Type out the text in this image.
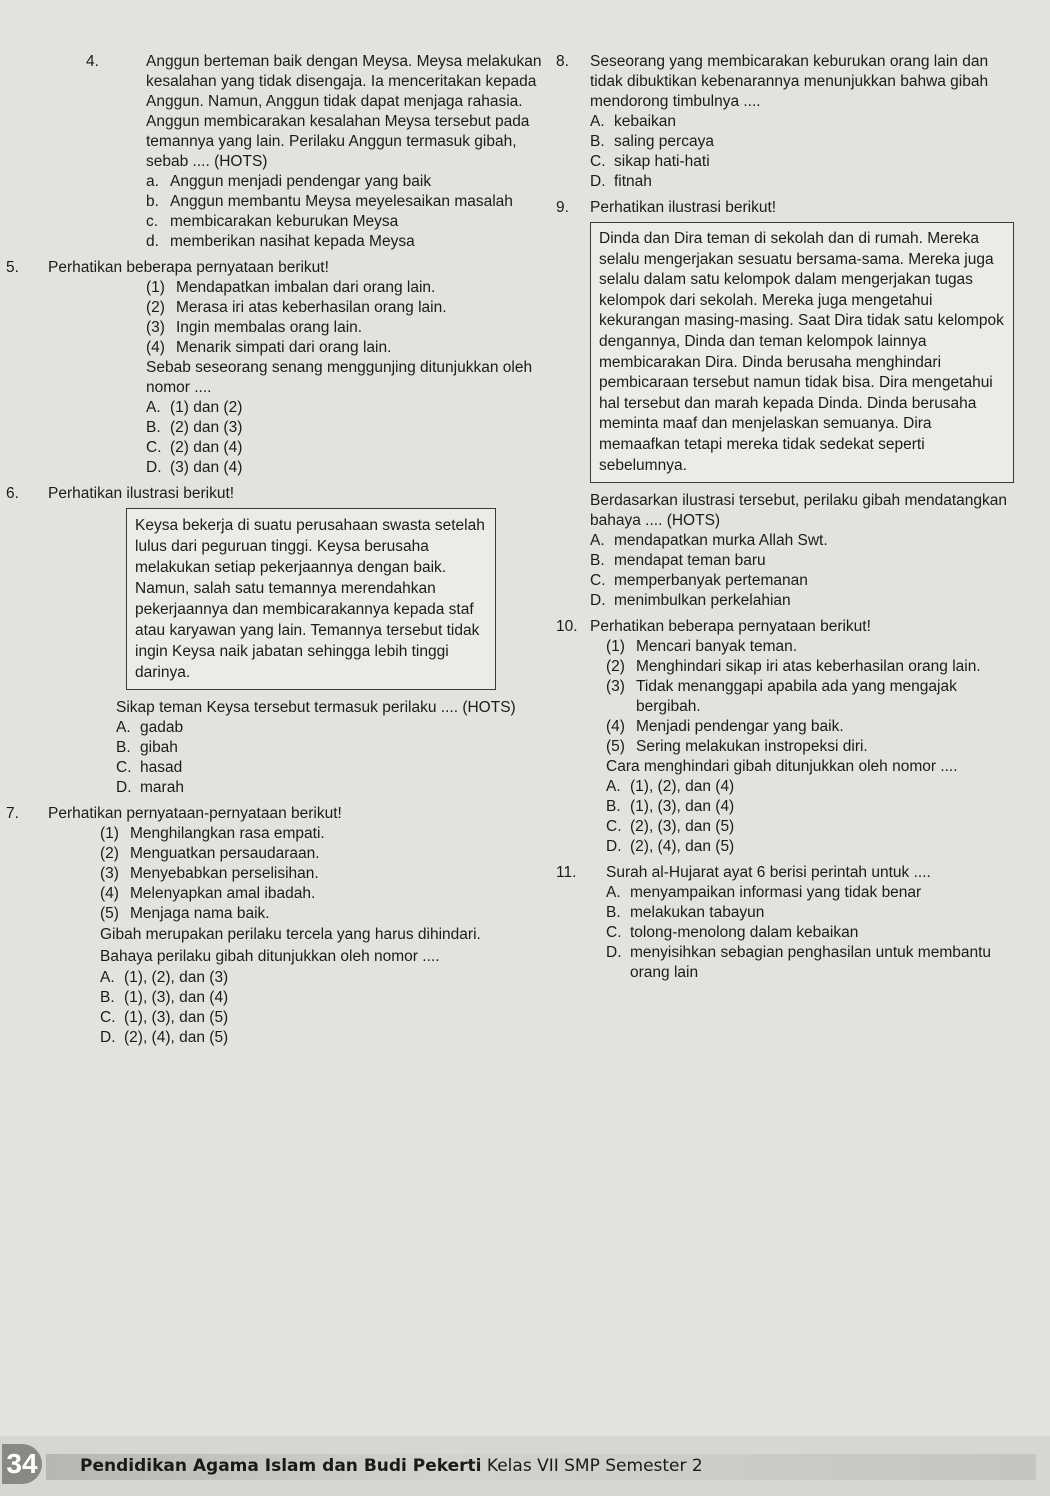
4.	Anggun berteman baik dengan Meysa. Meysa melakukan kesalahan yang tidak disengaja. Ia menceritakan kepada Anggun. Namun, Anggun tidak dapat menjaga rahasia. Anggun membicarakan kesalahan Meysa tersebut pada temannya yang lain. Perilaku Anggun termasuk gibah, sebab .... (HOTS)
a. Anggun menjadi pendengar yang baik
b. Anggun membantu Meysa meyelesaikan masalah
c. membicarakan keburukan Meysa
d. memberikan nasihat kepada Meysa
5. Perhatikan beberapa pernyataan berikut!
(1) Mendapatkan imbalan dari orang lain.
(2) Merasa iri atas keberhasilan orang lain.
(3) Ingin membalas orang lain.
(4) Menarik simpati dari orang lain.
Sebab seseorang senang menggunjing ditunjukkan oleh nomor ....
A. (1) dan (2)
B. (2) dan (3)
C. (2) dan (4)
D. (3) dan (4)
6. Perhatikan ilustrasi berikut!
Keysa bekerja di suatu perusahaan swasta setelah lulus dari peguruan tinggi. Keysa berusaha melakukan setiap pekerjaannya dengan baik. Namun, salah satu temannya merendahkan pekerjaannya dan membicarakannya kepada staf atau karyawan yang lain. Temannya tersebut tidak ingin Keysa naik jabatan sehingga lebih tinggi darinya.
Sikap teman Keysa tersebut termasuk perilaku .... (HOTS)
A. gadab
B. gibah
C. hasad
D. marah
7. Perhatikan pernyataan-pernyataan berikut!
(1) Menghilangkan rasa empati.
(2) Menguatkan persaudaraan.
(3) Menyebabkan perselisihan.
(4) Melenyapkan amal ibadah.
(5) Menjaga nama baik.
Gibah merupakan perilaku tercela yang harus dihindari. Bahaya perilaku gibah ditunjukkan oleh nomor ....
A. (1), (2), dan (3)
B. (1), (3), dan (4)
C. (1), (3), dan (5)
D. (2), (4), dan (5)
8. Seseorang yang membicarakan keburukan orang lain dan tidak dibuktikan kebenarannya menunjukkan bahwa gibah mendorong timbulnya ....
A. kebaikan
B. saling percaya
C. sikap hati-hati
D. fitnah
9. Perhatikan ilustrasi berikut!
Dinda dan Dira teman di sekolah dan di rumah. Mereka selalu mengerjakan sesuatu bersama-sama. Mereka juga selalu dalam satu kelompok dalam mengerjakan tugas kelompok dari sekolah. Mereka juga mengetahui kekurangan masing-masing. Saat Dira tidak satu kelompok dengannya, Dinda dan teman kelompok lainnya membicarakan Dira. Dinda berusaha menghindari pembicaraan tersebut namun tidak bisa. Dira mengetahui hal tersebut dan marah kepada Dinda. Dinda berusaha meminta maaf dan menjelaskan semuanya. Dira memaafkan tetapi mereka tidak sedekat seperti sebelumnya.
Berdasarkan ilustrasi tersebut, perilaku gibah mendatangkan bahaya .... (HOTS)
A. mendapatkan murka Allah Swt.
B. mendapat teman baru
C. memperbanyak pertemanan
D. menimbulkan perkelahian
10. Perhatikan beberapa pernyataan berikut!
(1) Mencari banyak teman.
(2) Menghindari sikap iri atas keberhasilan orang lain.
(3) Tidak menanggapi apabila ada yang mengajak bergibah.
(4) Menjadi pendengar yang baik.
(5) Sering melakukan instropeksi diri.
Cara menghindari gibah ditunjukkan oleh nomor ....
A. (1), (2), dan (4)
B. (1), (3), dan (4)
C. (2), (3), dan (5)
D. (2), (4), dan (5)
11. Surah al-Hujarat ayat 6 berisi perintah untuk ....
A. menyampaikan informasi yang tidak benar
B. melakukan tabayun
C. tolong-menolong dalam kebaikan
D. menyisihkan sebagian penghasilan untuk membantu orang lain
34 Pendidikan Agama Islam dan Budi Pekerti Kelas VII SMP Semester 2
